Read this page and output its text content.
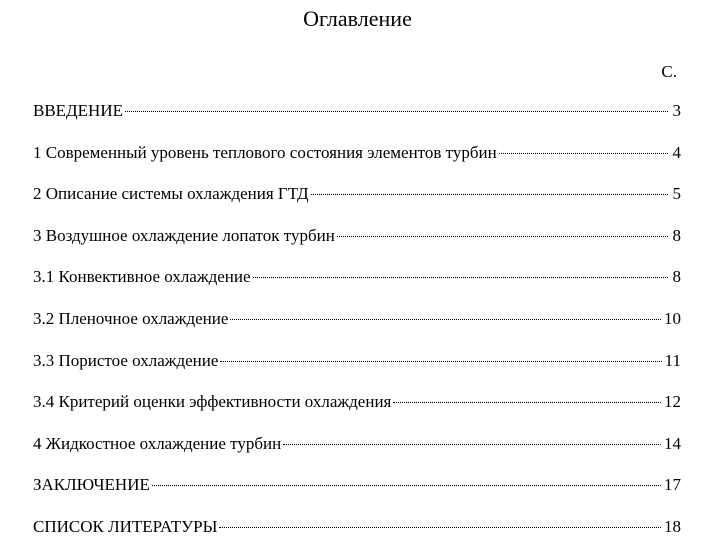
Оглавление
С.
ВВЕДЕНИЕ	3
1 Современный уровень теплового состояния элементов турбин	4
2 Описание системы охлаждения ГТД	5
3 Воздушное охлаждение лопаток турбин	8
3.1 Конвективное охлаждение	8
3.2 Пленочное охлаждение	10
3.3 Пористое охлаждение	11
3.4 Критерий оценки эффективности охлаждения	12
4 Жидкостное охлаждение турбин	14
ЗАКЛЮЧЕНИЕ	17
СПИСОК ЛИТЕРАТУРЫ	18
